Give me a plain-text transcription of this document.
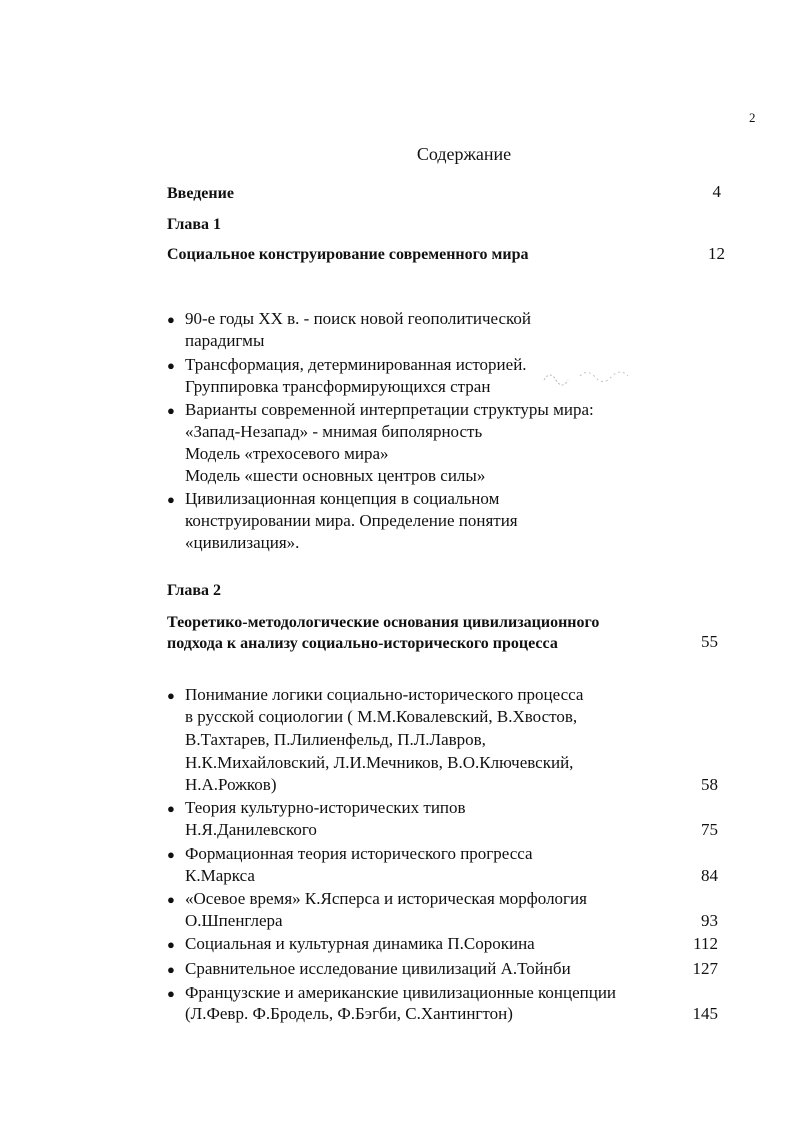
2
Содержание
Введение	4
Глава 1
Социальное конструирование современного мира	12
● 90-е годы XX в. - поиск новой геополитической
парадигмы
● Трансформация, детерминированная историей.
Группировка трансформирующихся стран
● Варианты современной интерпретации структуры мира:
«Запад-Незапад» - мнимая биполярность
Модель «трехосевого мира»
Модель «шести основных центров силы»
● Цивилизационная концепция в социальном
конструировании мира. Определение понятия
«цивилизация».
Глава 2
Теоретико-методологические основания цивилизационного
подхода к анализу социально-исторического процесса	55
● Понимание логики социально-исторического процесса
в русской социологии ( М.М.Ковалевский, В.Хвостов,
В.Тахтарев, П.Лилиенфельд, П.Л.Лавров,
Н.К.Михайловский, Л.И.Мечников, В.О.Ключевский,
Н.А.Рожков)	58
● Теория культурно-исторических типов
Н.Я.Данилевского	75
● Формационная теория исторического прогресса
К.Маркса	84
● «Осевое время» К.Ясперса и историческая морфология
О.Шпенглера	93
● Социальная и культурная динамика П.Сорокина	112
● Сравнительное исследование цивилизаций А.Тойнби	127
● Французские и американские цивилизационные концепции
(Л.Февр. Ф.Бродель, Ф.Бэгби, С.Хантингтон)	145
